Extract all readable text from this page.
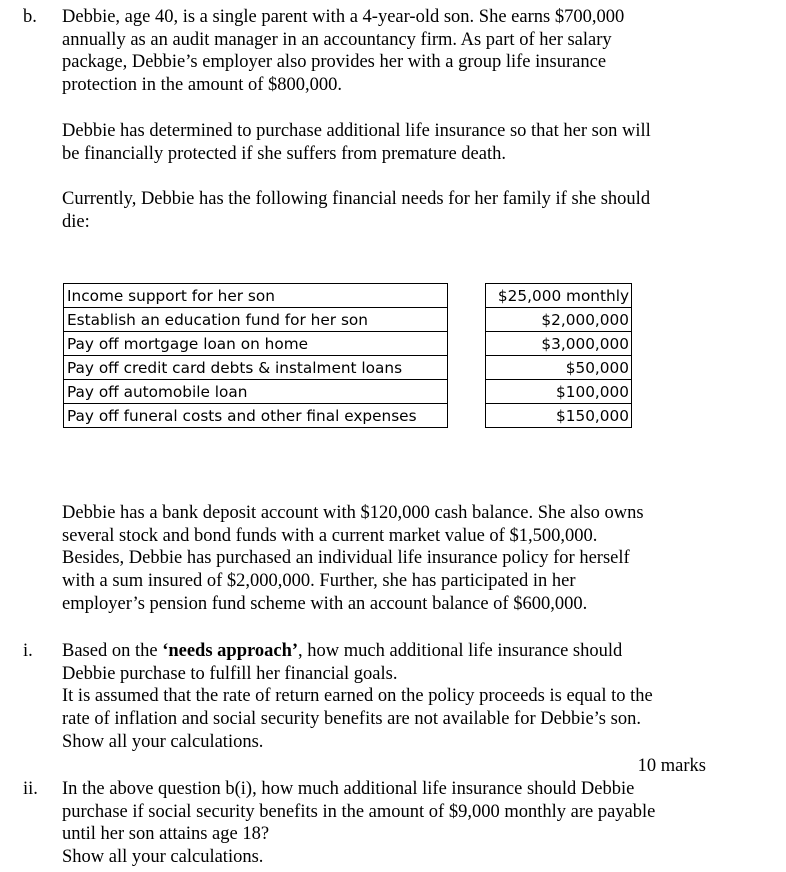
b. Debbie, age 40, is a single parent with a 4-year-old son. She earns $700,000
annually as an audit manager in an accountancy firm. As part of her salary
package, Debbie’s employer also provides her with a group life insurance
protection in the amount of $800,000.

Debbie has determined to purchase additional life insurance so that her son will
be financially protected if she suffers from premature death.

Currently, Debbie has the following financial needs for her family if she should
die:

Income support for her son		$25,000 monthly
Establish an education fund for her son		$2,000,000
Pay off mortgage loan on home		$3,000,000
Pay off credit card debts & instalment loans		$50,000
Pay off automobile loan		$100,000
Pay off funeral costs and other final expenses		$150,000

Debbie has a bank deposit account with $120,000 cash balance. She also owns
several stock and bond funds with a current market value of $1,500,000.
Besides, Debbie has purchased an individual life insurance policy for herself
with a sum insured of $2,000,000. Further, she has participated in her
employer’s pension fund scheme with an account balance of $600,000.

i. Based on the ‘needs approach’, how much additional life insurance should
Debbie purchase to fulfill her financial goals.
It is assumed that the rate of return earned on the policy proceeds is equal to the
rate of inflation and social security benefits are not available for Debbie’s son.
Show all your calculations.

10 marks

ii. In the above question b(i), how much additional life insurance should Debbie
purchase if social security benefits in the amount of $9,000 monthly are payable
until her son attains age 18?
Show all your calculations.
